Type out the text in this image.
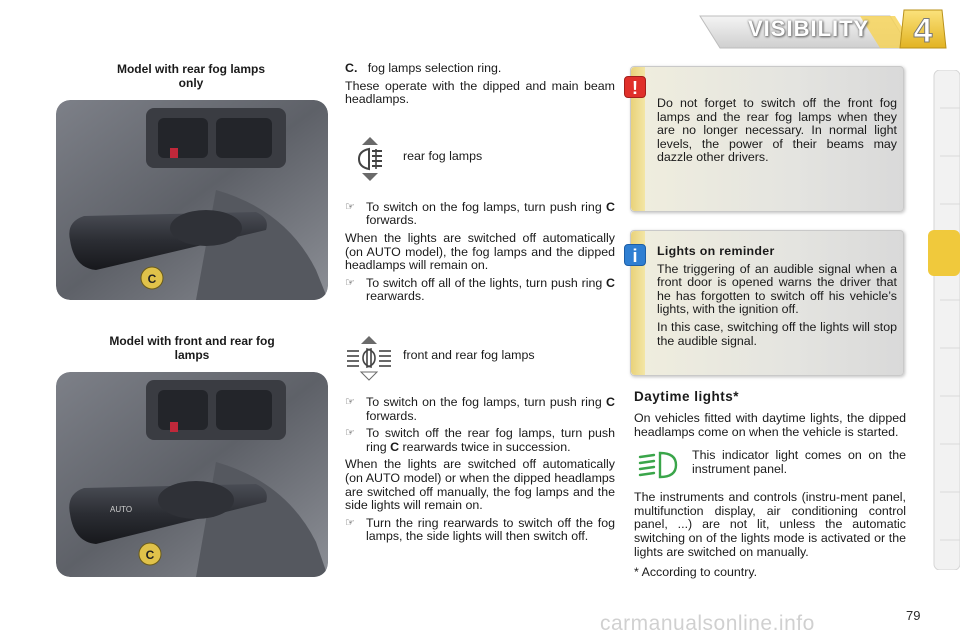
VISIBILITY 4
Model with rear fog lamps only
C
Model with front and rear fog lamps
AUTO
C
C. fog lamps selection ring.
These operate with the dipped and main beam headlamps.
rear fog lamps
☞ To switch on the fog lamps, turn push ring C forwards.
When the lights are switched off automatically (on AUTO model), the fog lamps and the dipped headlamps will remain on.
☞ To switch off all of the lights, turn push ring C rearwards.
front and rear fog lamps
☞ To switch on the fog lamps, turn push ring C forwards.
☞ To switch off the rear fog lamps, turn push ring C rearwards twice in succession.
When the lights are switched off automatically (on AUTO model) or when the dipped headlamps are switched off manually, the fog lamps and the side lights will remain on.
☞ Turn the ring rearwards to switch off the fog lamps, the side lights will then switch off.
Do not forget to switch off the front fog lamps and the rear fog lamps when they are no longer necessary. In normal light levels, the power of their beams may dazzle other drivers.
!
Lights on reminder
The triggering of an audible signal when a front door is opened warns the driver that he has forgotten to switch off his vehicle’s lights, with the ignition off.
In this case, switching off the lights will stop the audible signal.
i
Daytime lights*
On vehicles fitted with daytime lights, the dipped headlamps come on when the vehicle is started.
This indicator light comes on on the instrument panel.
The instruments and controls (instru-ment panel, multifunction display, air conditioning control panel, ...) are not lit, unless the automatic switching on of the lights mode is activated or the lights are switched on manually.
* According to country.
carmanualsonline.info	79
